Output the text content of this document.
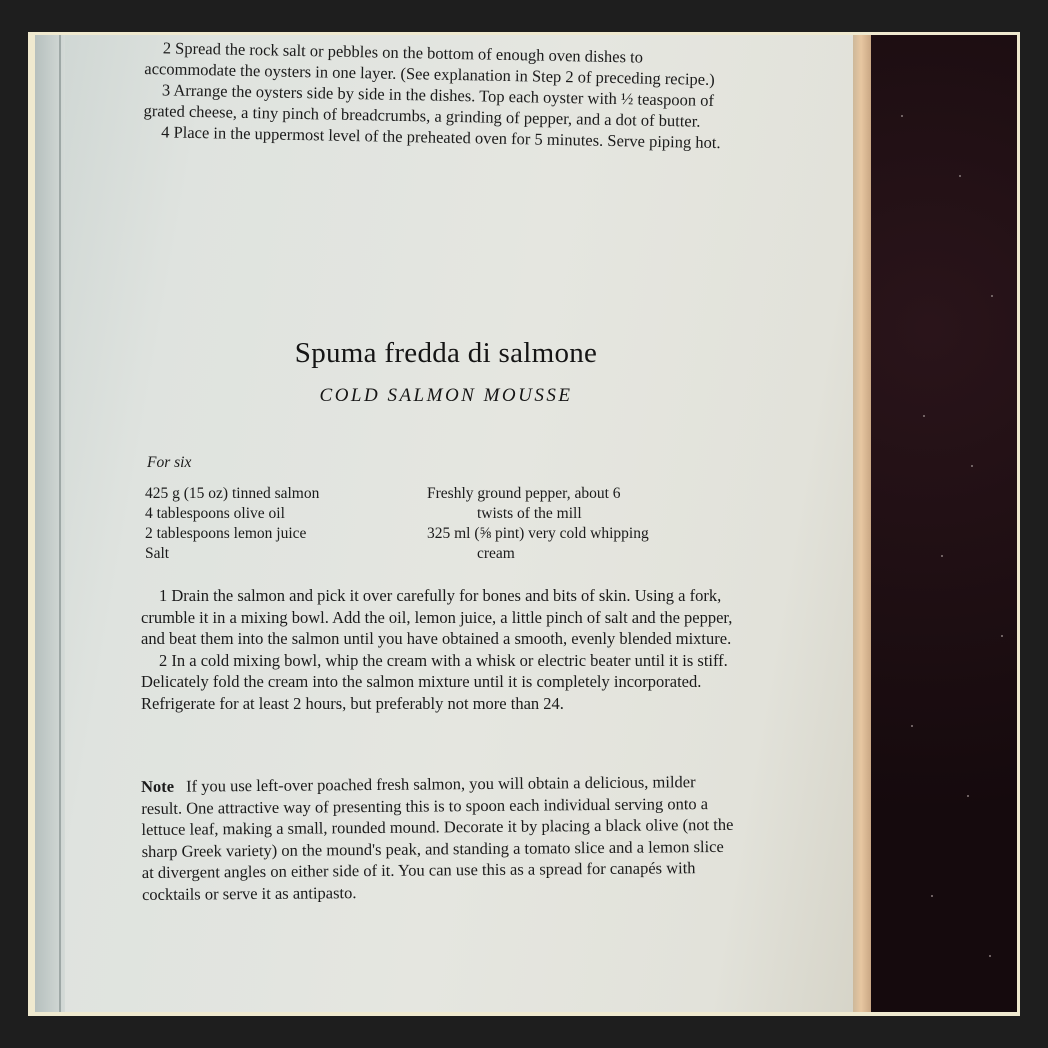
2 Spread the rock salt or pebbles on the bottom of enough oven dishes to accommodate the oysters in one layer. (See explanation in Step 2 of preceding recipe.)

3 Arrange the oysters side by side in the dishes. Top each oyster with ½ teaspoon of grated cheese, a tiny pinch of breadcrumbs, a grinding of pepper, and a dot of butter.

4 Place in the uppermost level of the preheated oven for 5 minutes. Serve piping hot.

Spuma fredda di salmone
COLD SALMON MOUSSE
For six
425 g (15 oz) tinned salmon
4 tablespoons olive oil
2 tablespoons lemon juice
Salt
Freshly ground pepper, about 6
twists of the mill
325 ml (⅝ pint) very cold whipping
cream

1 Drain the salmon and pick it over carefully for bones and bits of skin. Using a fork, crumble it in a mixing bowl. Add the oil, lemon juice, a little pinch of salt and the pepper, and beat them into the salmon until you have obtained a smooth, evenly blended mixture.

2 In a cold mixing bowl, whip the cream with a whisk or electric beater until it is stiff. Delicately fold the cream into the salmon mixture until it is completely incorporated. Refrigerate for at least 2 hours, but preferably not more than 24.

Note If you use left-over poached fresh salmon, you will obtain a delicious, milder result. One attractive way of presenting this is to spoon each individual serving onto a lettuce leaf, making a small, rounded mound. Decorate it by placing a black olive (not the sharp Greek variety) on the mound's peak, and standing a tomato slice and a lemon slice at divergent angles on either side of it. You can use this as a spread for canapés with cocktails or serve it as antipasto.
